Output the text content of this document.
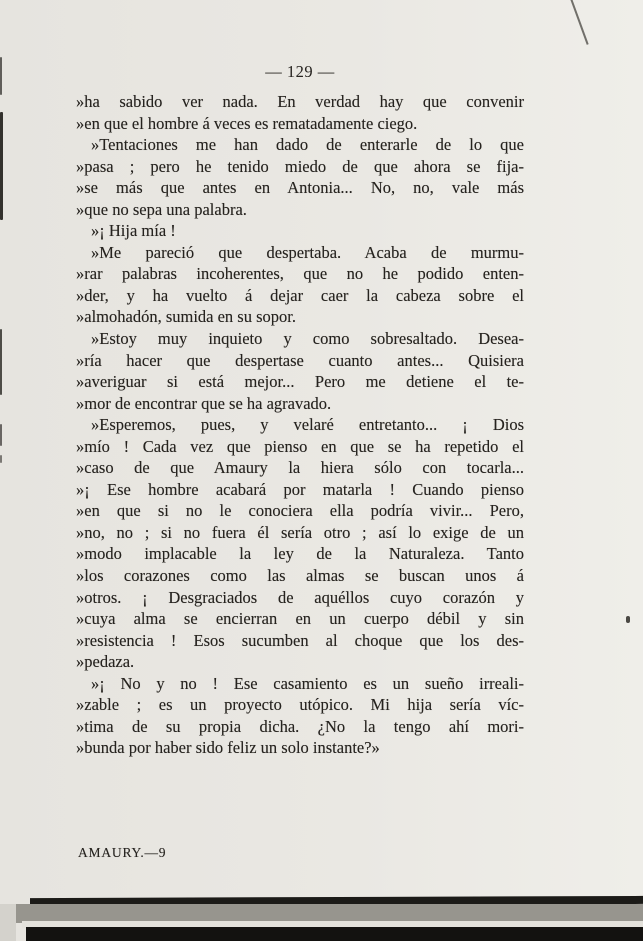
— 129 —
»ha sabido ver nada. En verdad hay que convenir
»en que el hombre á veces es rematadamente ciego.
»Tentaciones me han dado de enterarle de lo que
»pasa ; pero he tenido miedo de que ahora se fija-
»se más que antes en Antonia... No, no, vale más
»que no sepa una palabra.
»¡ Hija mía !
»Me pareció que despertaba. Acaba de murmu-
»rar palabras incoherentes, que no he podido enten-
»der, y ha vuelto á dejar caer la cabeza sobre el
»almohadón, sumida en su sopor.
»Estoy muy inquieto y como sobresaltado. Desea-
»ría hacer que despertase cuanto antes... Quisiera
»averiguar si está mejor... Pero me detiene el te-
»mor de encontrar que se ha agravado.
»Esperemos, pues, y velaré entretanto... ¡ Dios
»mío ! Cada vez que pienso en que se ha repetido el
»caso de que Amaury la hiera sólo con tocarla...
»¡ Ese hombre acabará por matarla ! Cuando pienso
»en que si no le conociera ella podría vivir... Pero,
»no, no ; si no fuera él sería otro ; así lo exige de un
»modo implacable la ley de la Naturaleza. Tanto
»los corazones como las almas se buscan unos á
»otros. ¡ Desgraciados de aquéllos cuyo corazón y
»cuya alma se encierran en un cuerpo débil y sin
»resistencia ! Esos sucumben al choque que los des-
»pedaza.
»¡ No y no ! Ese casamiento es un sueño irreali-
»zable ; es un proyecto utópico. Mi hija sería víc-
»tima de su propia dicha. ¿No la tengo ahí mori-
»bunda por haber sido feliz un solo instante?»
AMAURY.—9
